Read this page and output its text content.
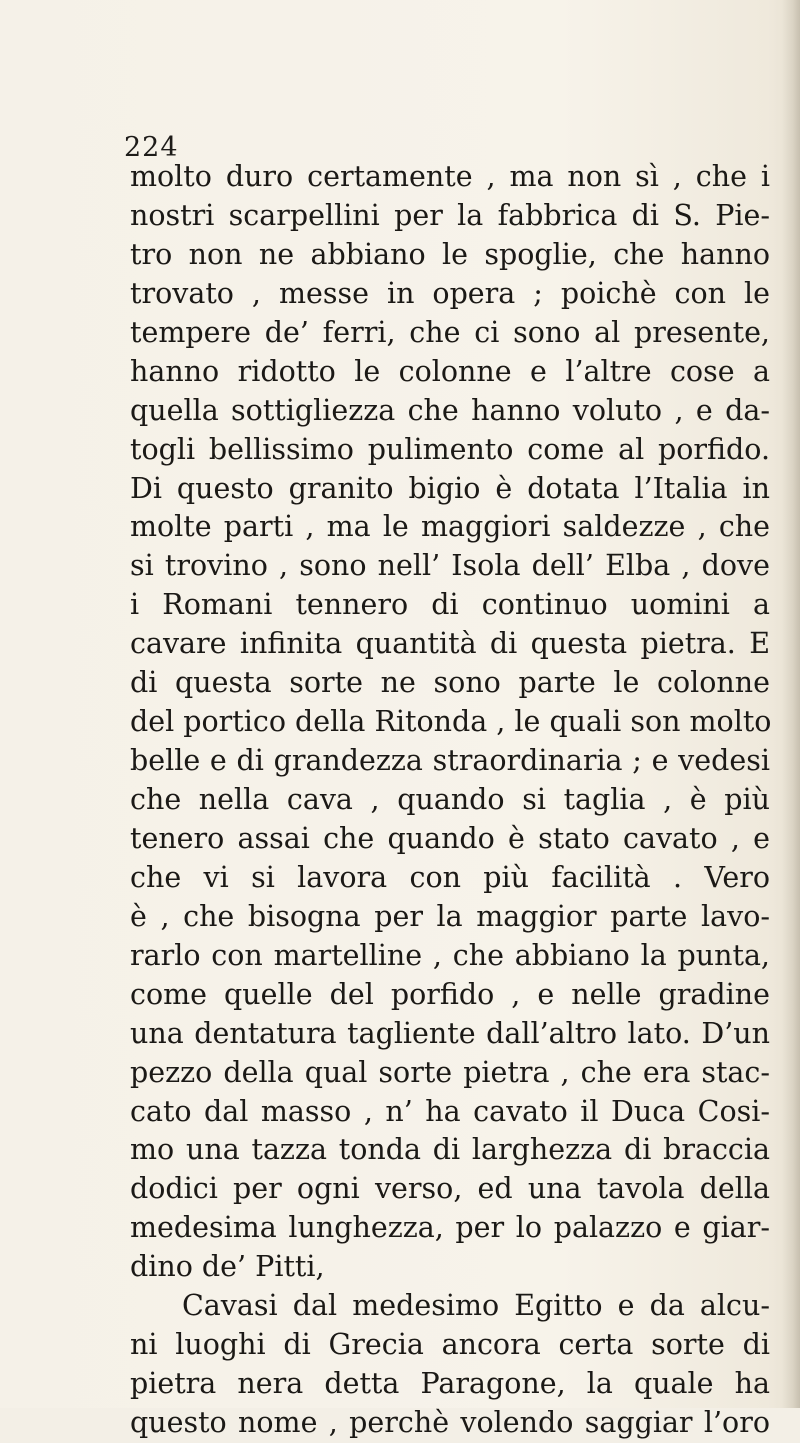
224
molto duro certamente , ma non sì , che i
nostri scarpellini per la fabbrica di S. Pie-
tro non ne abbiano le spoglie, che hanno
trovato , messe in opera ; poichè con le
tempere de’ ferri, che ci sono al presente,
hanno ridotto le colonne e l’altre cose a
quella sottigliezza che hanno voluto , e da-
togli bellissimo pulimento come al porfido.
Di questo granito bigio è dotata l’Italia in
molte parti , ma le maggiori saldezze , che
si trovino , sono nell’ Isola dell’ Elba , dove
i Romani tennero di continuo uomini a
cavare infinita quantità di questa pietra. E
di questa sorte ne sono parte le colonne
del portico della Ritonda , le quali son molto
belle e di grandezza straordinaria ; e vedesi
che nella cava , quando si taglia , è più
tenero assai che quando è stato cavato , e
che vi si lavora con più facilità . Vero
è , che bisogna per la maggior parte lavo-
rarlo con martelline , che abbiano la punta,
come quelle del porfido , e nelle gradine
una dentatura tagliente dall’altro lato. D’un
pezzo della qual sorte pietra , che era stac-
cato dal masso , n’ ha cavato il Duca Cosi-
mo una tazza tonda di larghezza di braccia
dodici per ogni verso, ed una tavola della
medesima lunghezza, per lo palazzo e giar-
dino de’ Pitti,
Cavasi dal medesimo Egitto e da alcu-
ni luoghi di Grecia ancora certa sorte di
pietra nera detta Paragone, la quale ha
questo nome , perchè volendo saggiar l’oro
